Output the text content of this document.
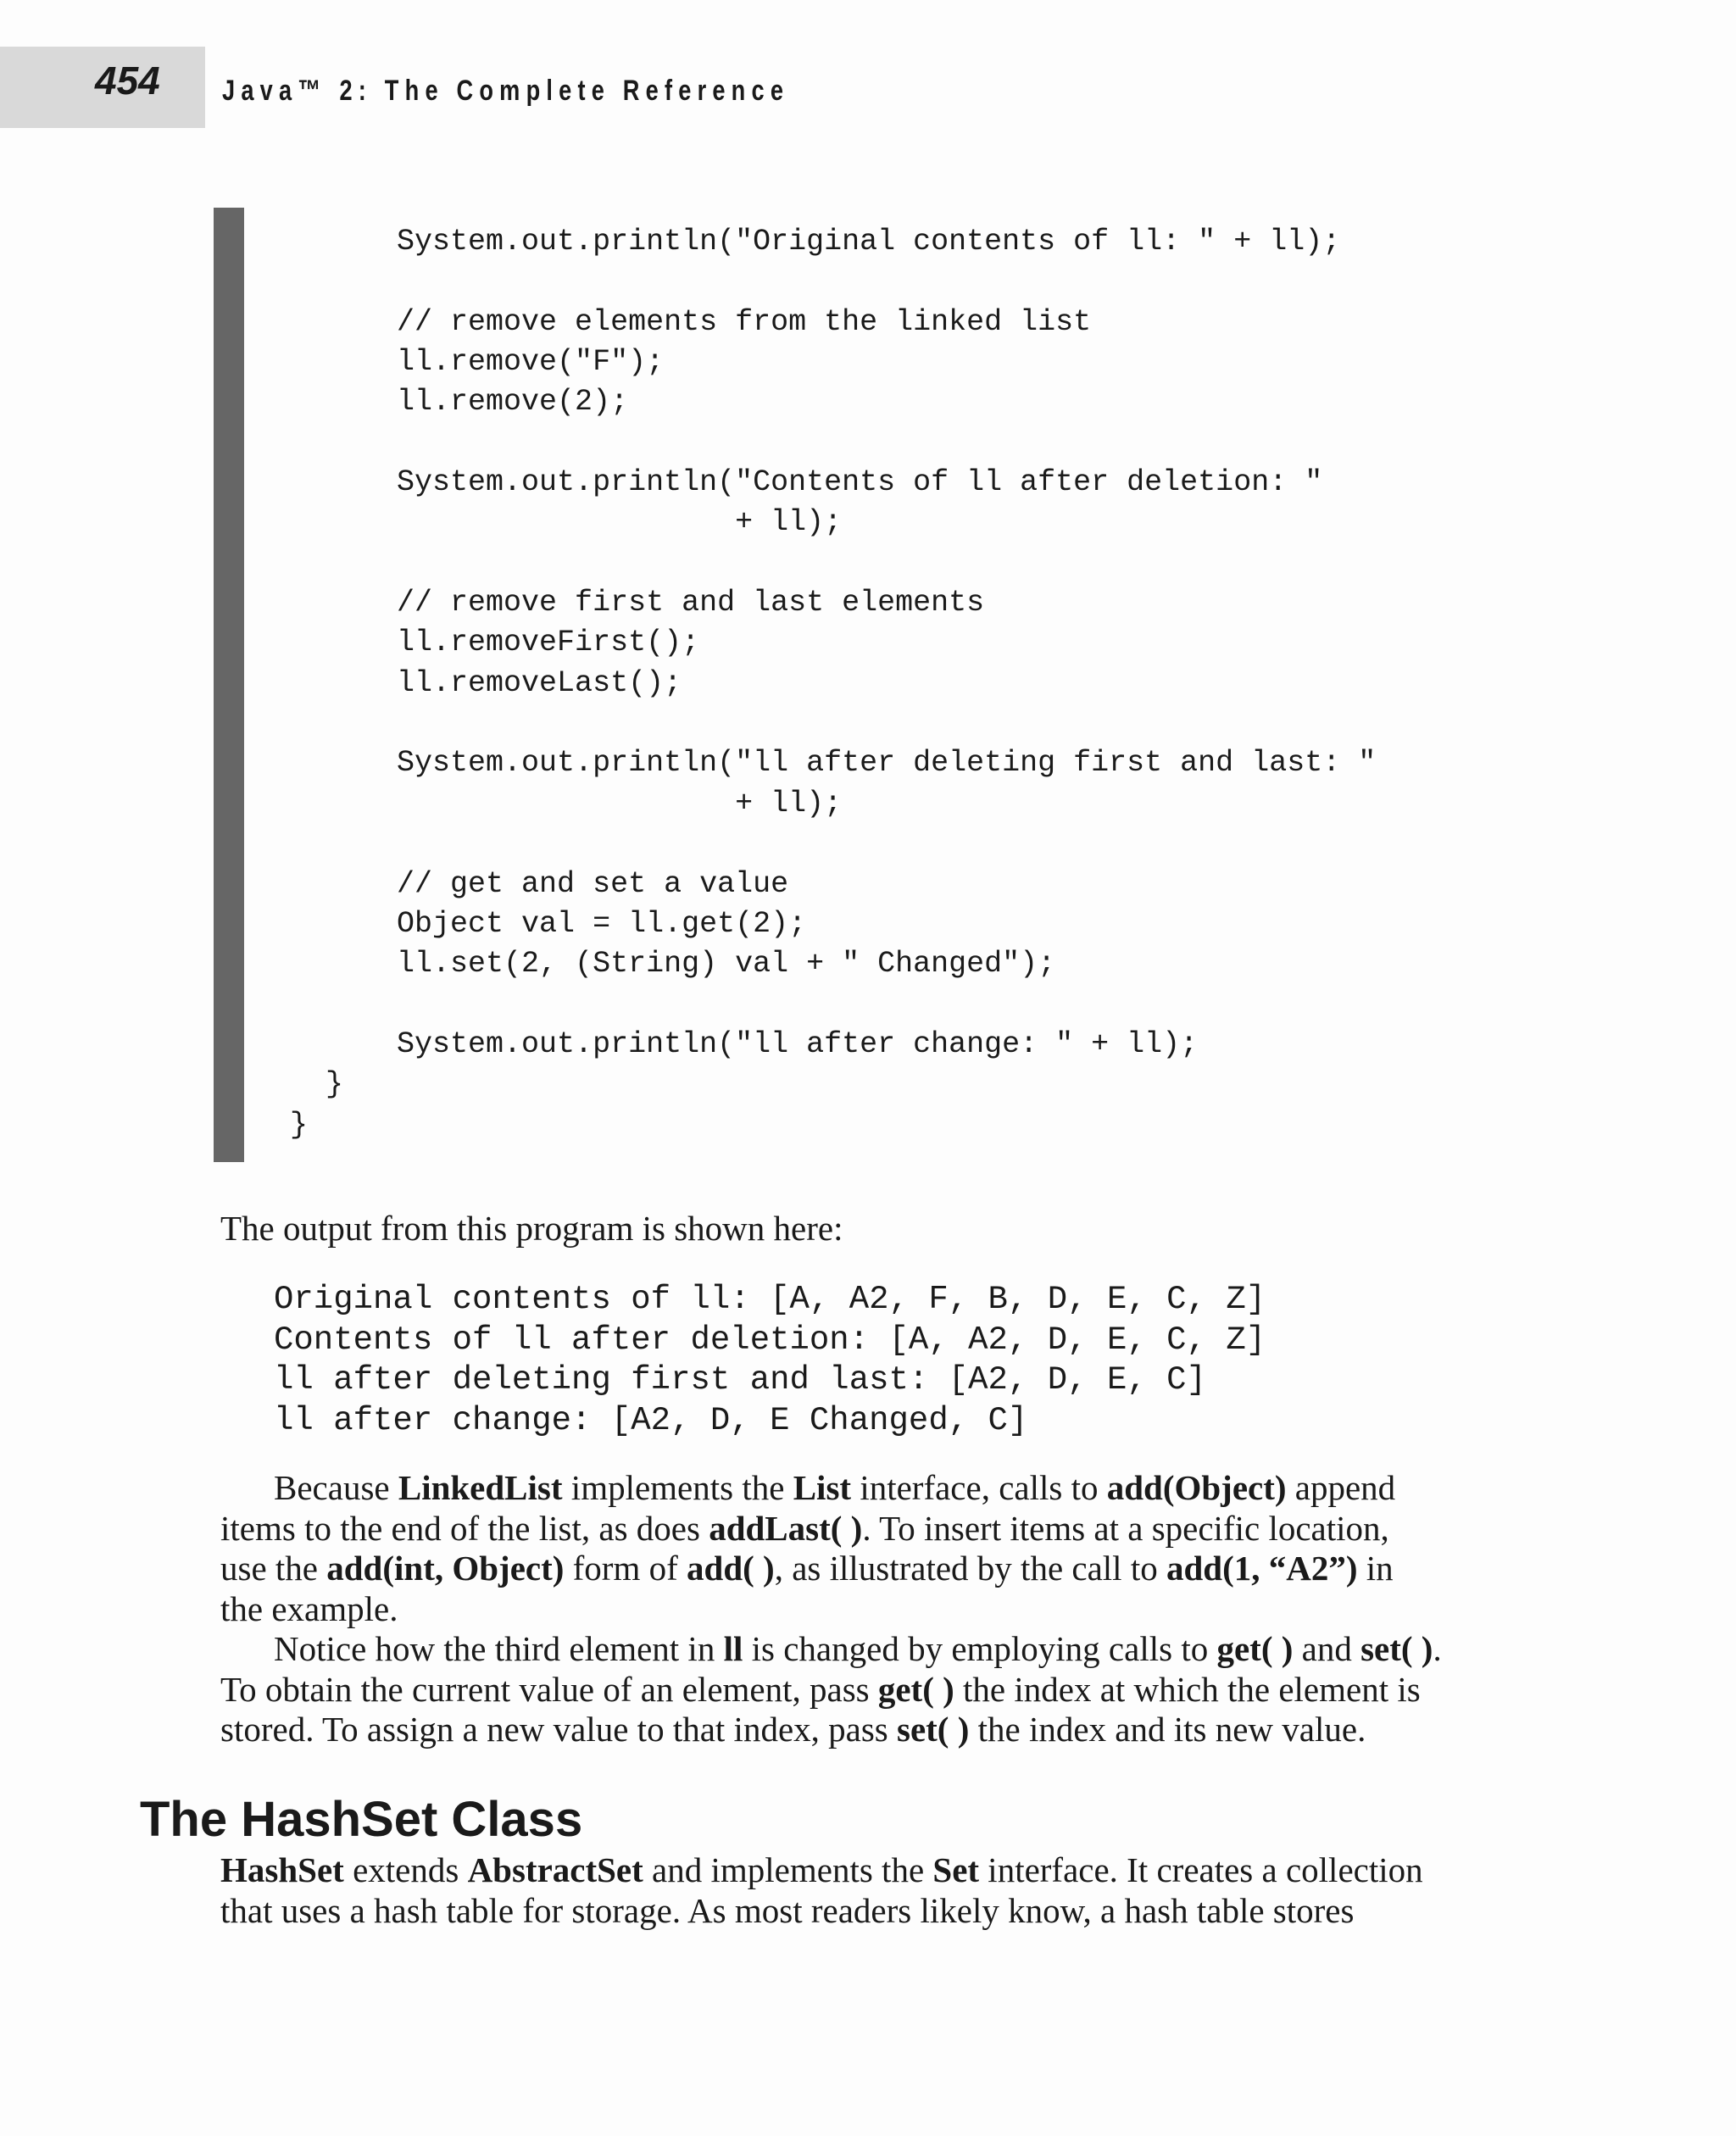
454 Java™ 2: The Complete Reference

System.out.println("Original contents of ll: " + ll);

// remove elements from the linked list
ll.remove("F");
ll.remove(2);

System.out.println("Contents of ll after deletion: "
+ ll);

// remove first and last elements
ll.removeFirst();
ll.removeLast();

System.out.println("ll after deleting first and last: "
+ ll);

// get and set a value
Object val = ll.get(2);
ll.set(2, (String) val + " Changed");

System.out.println("ll after change: " + ll);
}
}

The output from this program is shown here:

Original contents of ll: [A, A2, F, B, D, E, C, Z]
Contents of ll after deletion: [A, A2, D, E, C, Z]
ll after deleting first and last: [A2, D, E, C]
ll after change: [A2, D, E Changed, C]
Because LinkedList implements the List interface, calls to add(Object) append
items to the end of the list, as does addLast( ). To insert items at a specific location,
use the add(int, Object) form of add( ), as illustrated by the call to add(1, “A2”) in
the example.
Notice how the third element in ll is changed by employing calls to get( ) and set( ).
To obtain the current value of an element, pass get( ) the index at which the element is
stored. To assign a new value to that index, pass set( ) the index and its new value.
The HashSet Class
HashSet extends AbstractSet and implements the Set interface. It creates a collection
that uses a hash table for storage. As most readers likely know, a hash table stores
